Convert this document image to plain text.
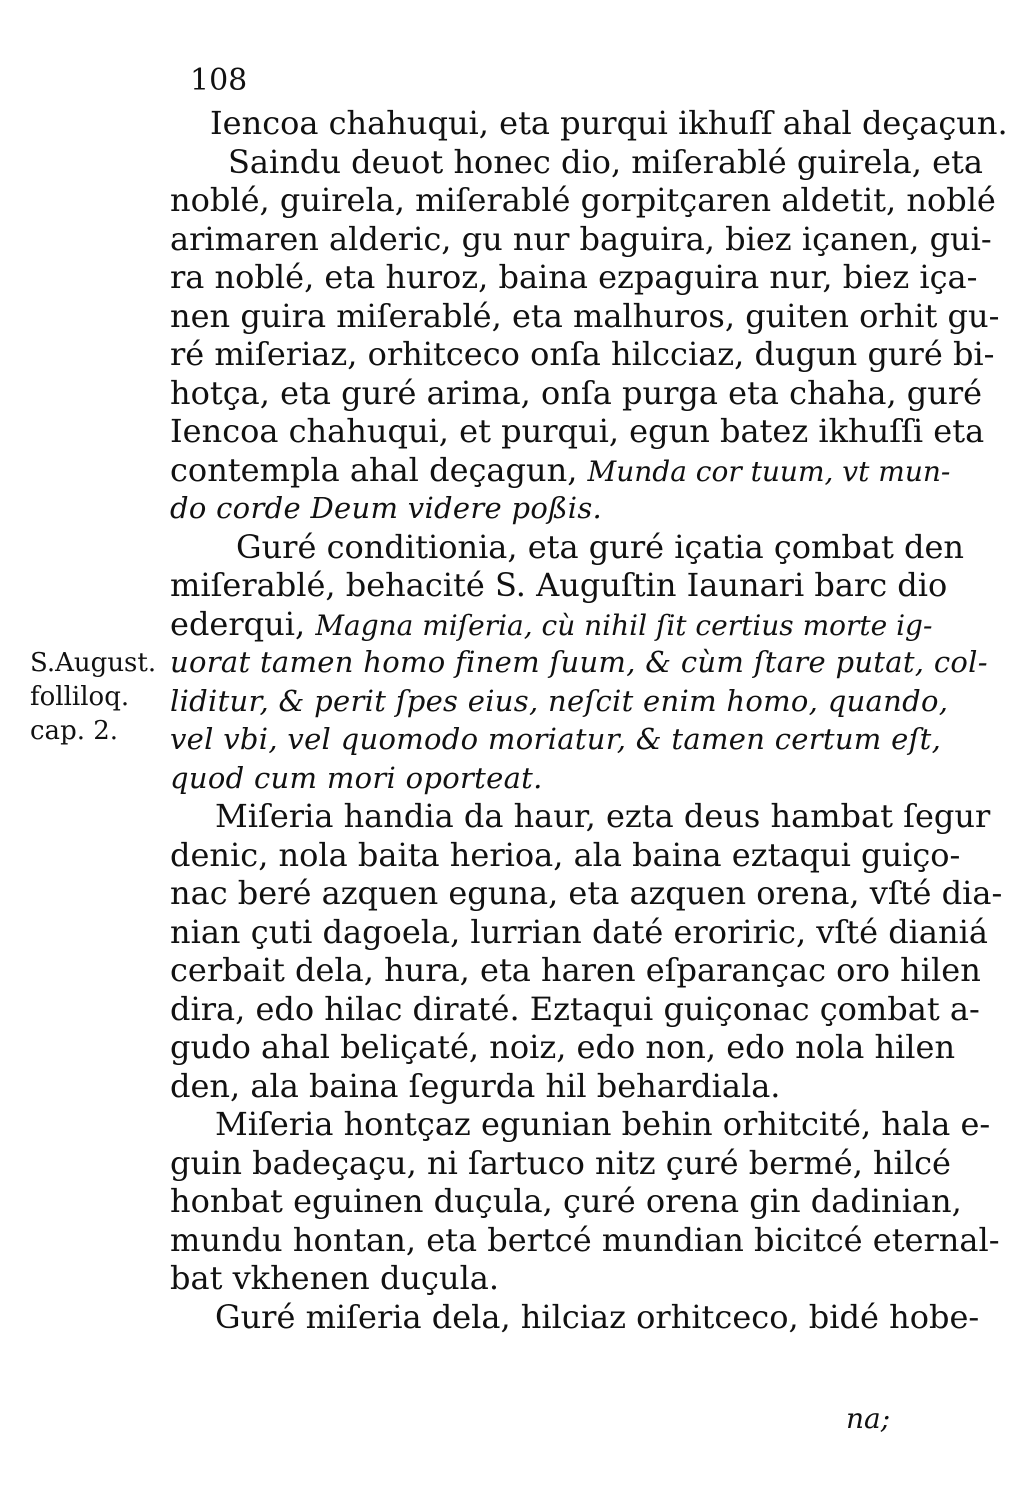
108
S.August.
folliloq.
cap. 2.
Iencoa chahuqui, eta purqui ikhuſſ ahal deçaçun.
Saindu deuot honec dio, miſerablé guirela, eta
noblé, guirela, miſerablé gorpitçaren aldetit, noblé
arimaren alderic, gu nur baguira, biez içanen, gui-
ra noblé, eta huroz, baina ezpaguira nur, biez iça-
nen guira miſerablé, eta malhuros, guiten orhit gu-
ré miſeriaz, orhitceco onſa hilcciaz, dugun guré bi-
hotça, eta guré arima, onſa purga eta chaha, guré
Iencoa chahuqui, et purqui, egun batez ikhuſſi eta
contempla ahal deçagun, Munda cor tuum, vt mun-
do corde Deum videre poßis.
Guré conditionia, eta guré içatia çombat den
miſerablé, behacité S. Auguſtin Iaunari barc dio
ederqui, Magna miſeria, cù nihil ſit certius morte ig-
uorat tamen homo finem ſuum, & cùm ſtare putat, col-
liditur, & perit ſpes eius, neſcit enim homo, quando,
vel vbi, vel quomodo moriatur, & tamen certum eſt,
quod cum mori oporteat.
Miſeria handia da haur, ezta deus hambat ſegur
denic, nola baita herioa, ala baina eztaqui guiço-
nac beré azquen eguna, eta azquen orena, vſté dia-
nian çuti dagoela, lurrian daté eroriric, vſté dianiá
cerbait dela, hura, eta haren eſparançac oro hilen
dira, edo hilac diraté. Eztaqui guiçonac çombat a-
gudo ahal beliçaté, noiz, edo non, edo nola hilen
den, ala baina ſegurda hil behardiala.
Miſeria hontçaz egunian behin orhitcité, hala e-
guin badeçaçu, ni ſartuco nitz çuré bermé, hilcé
honbat eguinen duçula, çuré orena gin dadinian,
mundu hontan, eta bertcé mundian bicitcé eternal-
bat vkhenen duçula.
Guré miſeria dela, hilciaz orhitceco, bidé hobe-
na;
